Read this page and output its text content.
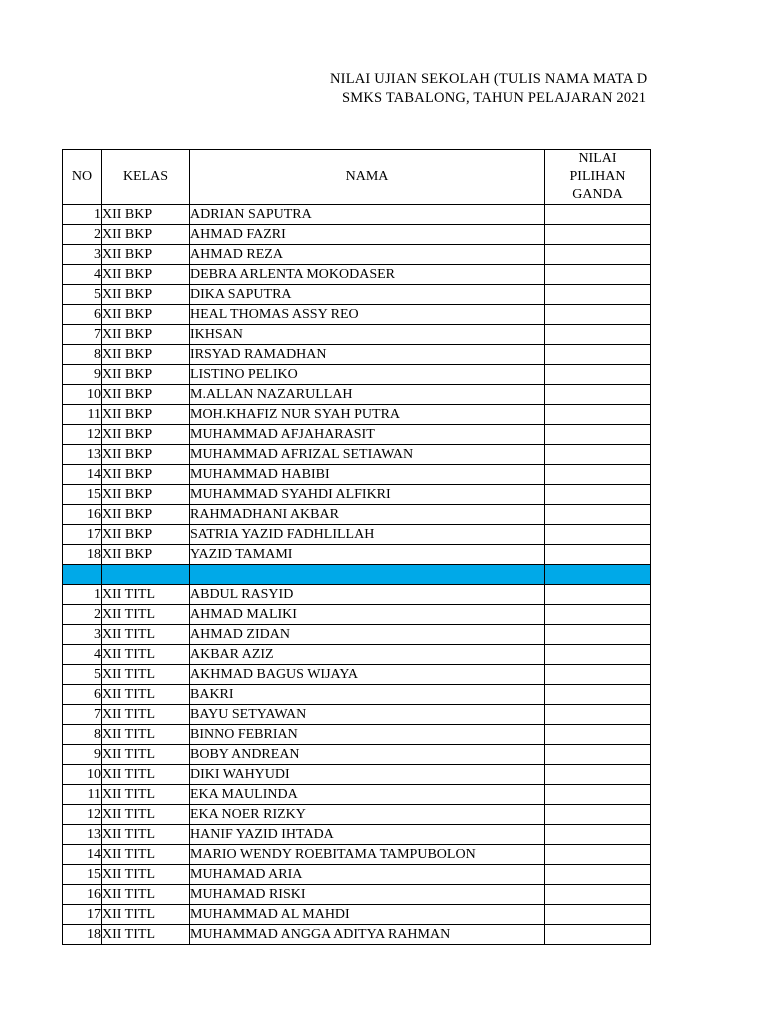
NILAI UJIAN SEKOLAH (TULIS NAMA MATA D
SMKS TABALONG, TAHUN PELAJARAN 2021
NO	KELAS	NAMA	NILAI
PILIHAN
GANDA
1	XII BKP	ADRIAN SAPUTRA	
2	XII BKP	AHMAD FAZRI	
3	XII BKP	AHMAD REZA	
4	XII BKP	DEBRA ARLENTA MOKODASER	
5	XII BKP	DIKA SAPUTRA	
6	XII BKP	HEAL THOMAS ASSY REO	
7	XII BKP	IKHSAN	
8	XII BKP	IRSYAD RAMADHAN	
9	XII BKP	LISTINO PELIKO	
10	XII BKP	M.ALLAN NAZARULLAH	
11	XII BKP	MOH.KHAFIZ NUR SYAH PUTRA	
12	XII BKP	MUHAMMAD AFJAHARASIT	
13	XII BKP	MUHAMMAD AFRIZAL SETIAWAN	
14	XII BKP	MUHAMMAD HABIBI	
15	XII BKP	MUHAMMAD SYAHDI ALFIKRI	
16	XII BKP	RAHMADHANI AKBAR	
17	XII BKP	SATRIA YAZID FADHLILLAH	
18	XII BKP	YAZID TAMAMI	

1	XII TITL	ABDUL RASYID	
2	XII TITL	AHMAD MALIKI	
3	XII TITL	AHMAD ZIDAN	
4	XII TITL	AKBAR AZIZ	
5	XII TITL	AKHMAD BAGUS WIJAYA	
6	XII TITL	BAKRI	
7	XII TITL	BAYU SETYAWAN	
8	XII TITL	BINNO FEBRIAN	
9	XII TITL	BOBY ANDREAN	
10	XII TITL	DIKI WAHYUDI	
11	XII TITL	EKA MAULINDA	
12	XII TITL	EKA NOER RIZKY	
13	XII TITL	HANIF YAZID IHTADA	
14	XII TITL	MARIO WENDY ROEBITAMA TAMPUBOLON	
15	XII TITL	MUHAMAD ARIA	
16	XII TITL	MUHAMAD RISKI	
17	XII TITL	MUHAMMAD AL MAHDI	
18	XII TITL	MUHAMMAD ANGGA ADITYA RAHMAN	
